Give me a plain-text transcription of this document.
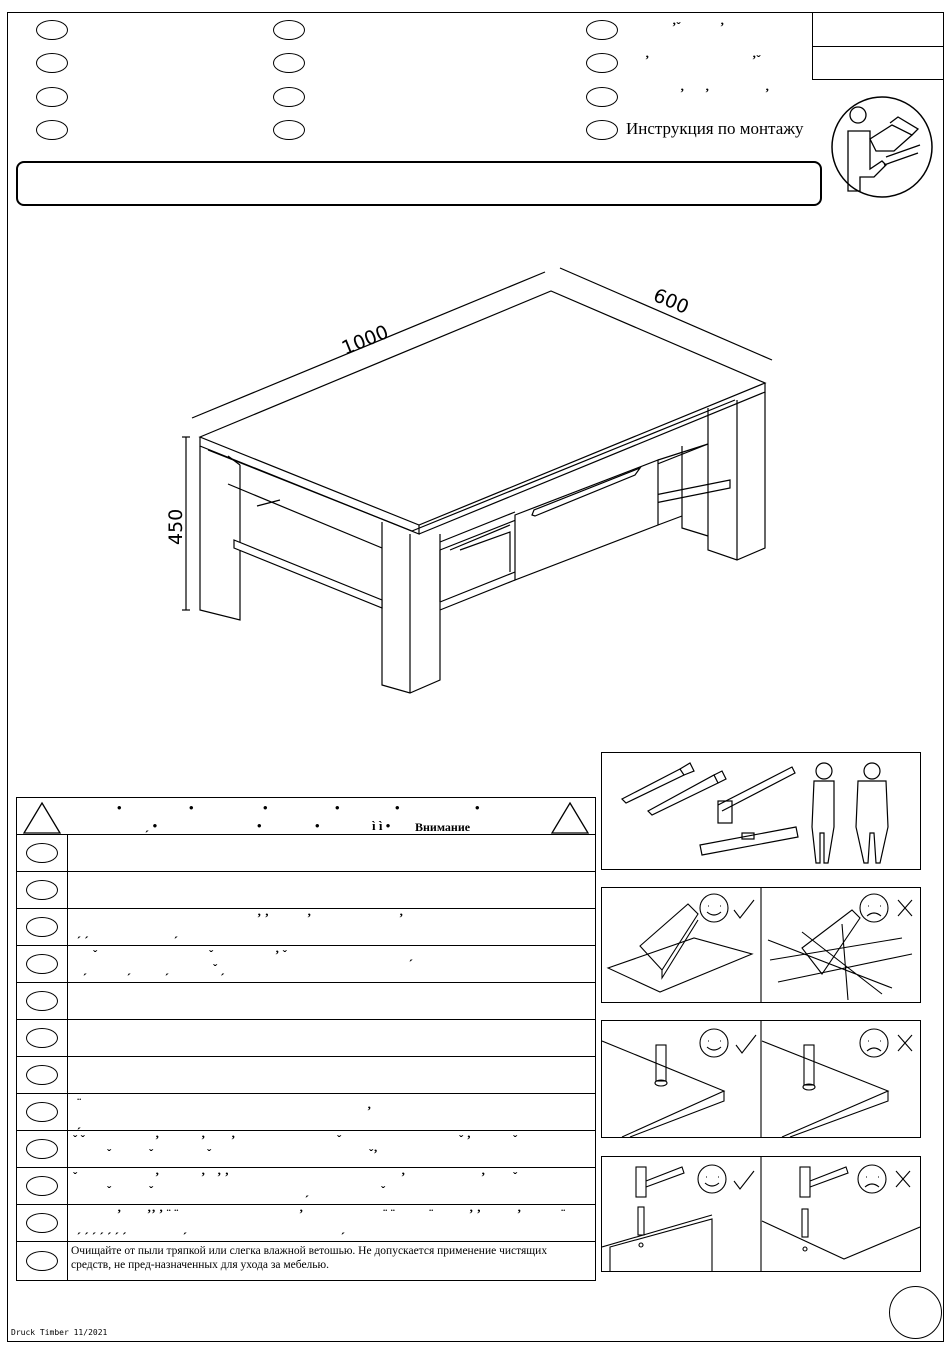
ʼˇ	ʼ
ʼ	ʼˇ
ʼ ʼ	ʼ
Инструкция по монтажу
1000
600
450
•	•	•	•	•	•
ˏ •	•	•	ì ì • Внимание
ʼ ʼ	ʼ	ʼ
ˏ ˏ	ˏ
ˇ	ˇ	ʼ ˇ	ˏ
ˏ	ˏ	ˏ	ˇ ˏ
¨
ʼ
ˏ
ˇ ˇ	ʼ	ʼ ʼ	ˇ	ˇ ʼ	ˇ
ˇ	ˇ	ˇ	ˇʼ
ˇ	ʼ	ʼ ʼ ʼ	ʼ	ʼ ˇ
ˇ	ˇ	ˏ	ˇ
ʼ ʼʼ ʼ ¨ ¨	ʼ	¨ ¨	¨	ʼ ʼ	ʼ	¨
ˏ ˏ ˏ ˏ ˏ ˏ ˏ	ˏ	ˏ
Очищайте от пыли тряпкой или слегка влажной ветошью. Не допускается применение чистящих средств, не пред-назначенных для ухода за мебелью.
Druck Timber 11/2021
